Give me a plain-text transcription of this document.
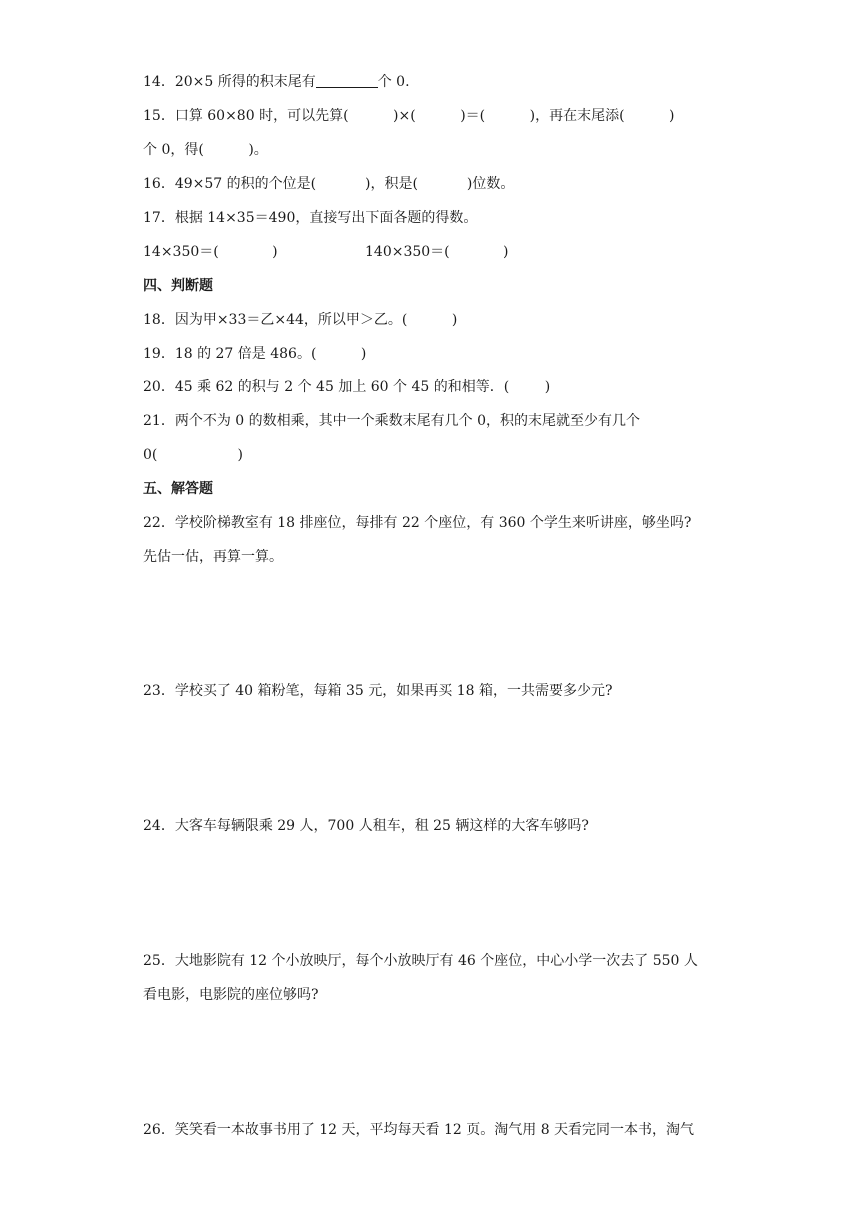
14．20×5 所得的积末尾有	个 0.
15．口算 60×80 时，可以先算(          )×(          )＝(          )，再在末尾添(          )
个 0，得(          )。
16．49×57 的积的个位是(           )，积是(           )位数。
17．根据 14×35＝490，直接写出下面各题的得数。
14×350＝(            )	140×350＝(            )
四、判断题
18．因为甲×33＝乙×44，所以甲＞乙。(          )
19．18 的 27 倍是 486。(          )
20．45 乘 62 的积与 2 个 45 加上 60 个 45 的和相等．(        )
21．两个不为 0 的数相乘，其中一个乘数末尾有几个 0，积的末尾就至少有几个
0(                  )
五、解答题
22．学校阶梯教室有 18 排座位，每排有 22 个座位，有 360 个学生来听讲座，够坐吗?
先估一估，再算一算。
23．学校买了 40 箱粉笔，每箱 35 元，如果再买 18 箱，一共需要多少元?
24．大客车每辆限乘 29 人，700 人租车，租 25 辆这样的大客车够吗?
25．大地影院有 12 个小放映厅，每个小放映厅有 46 个座位，中心小学一次去了 550 人
看电影，电影院的座位够吗?
26．笑笑看一本故事书用了 12 天，平均每天看 12 页。淘气用 8 天看完同一本书，淘气
